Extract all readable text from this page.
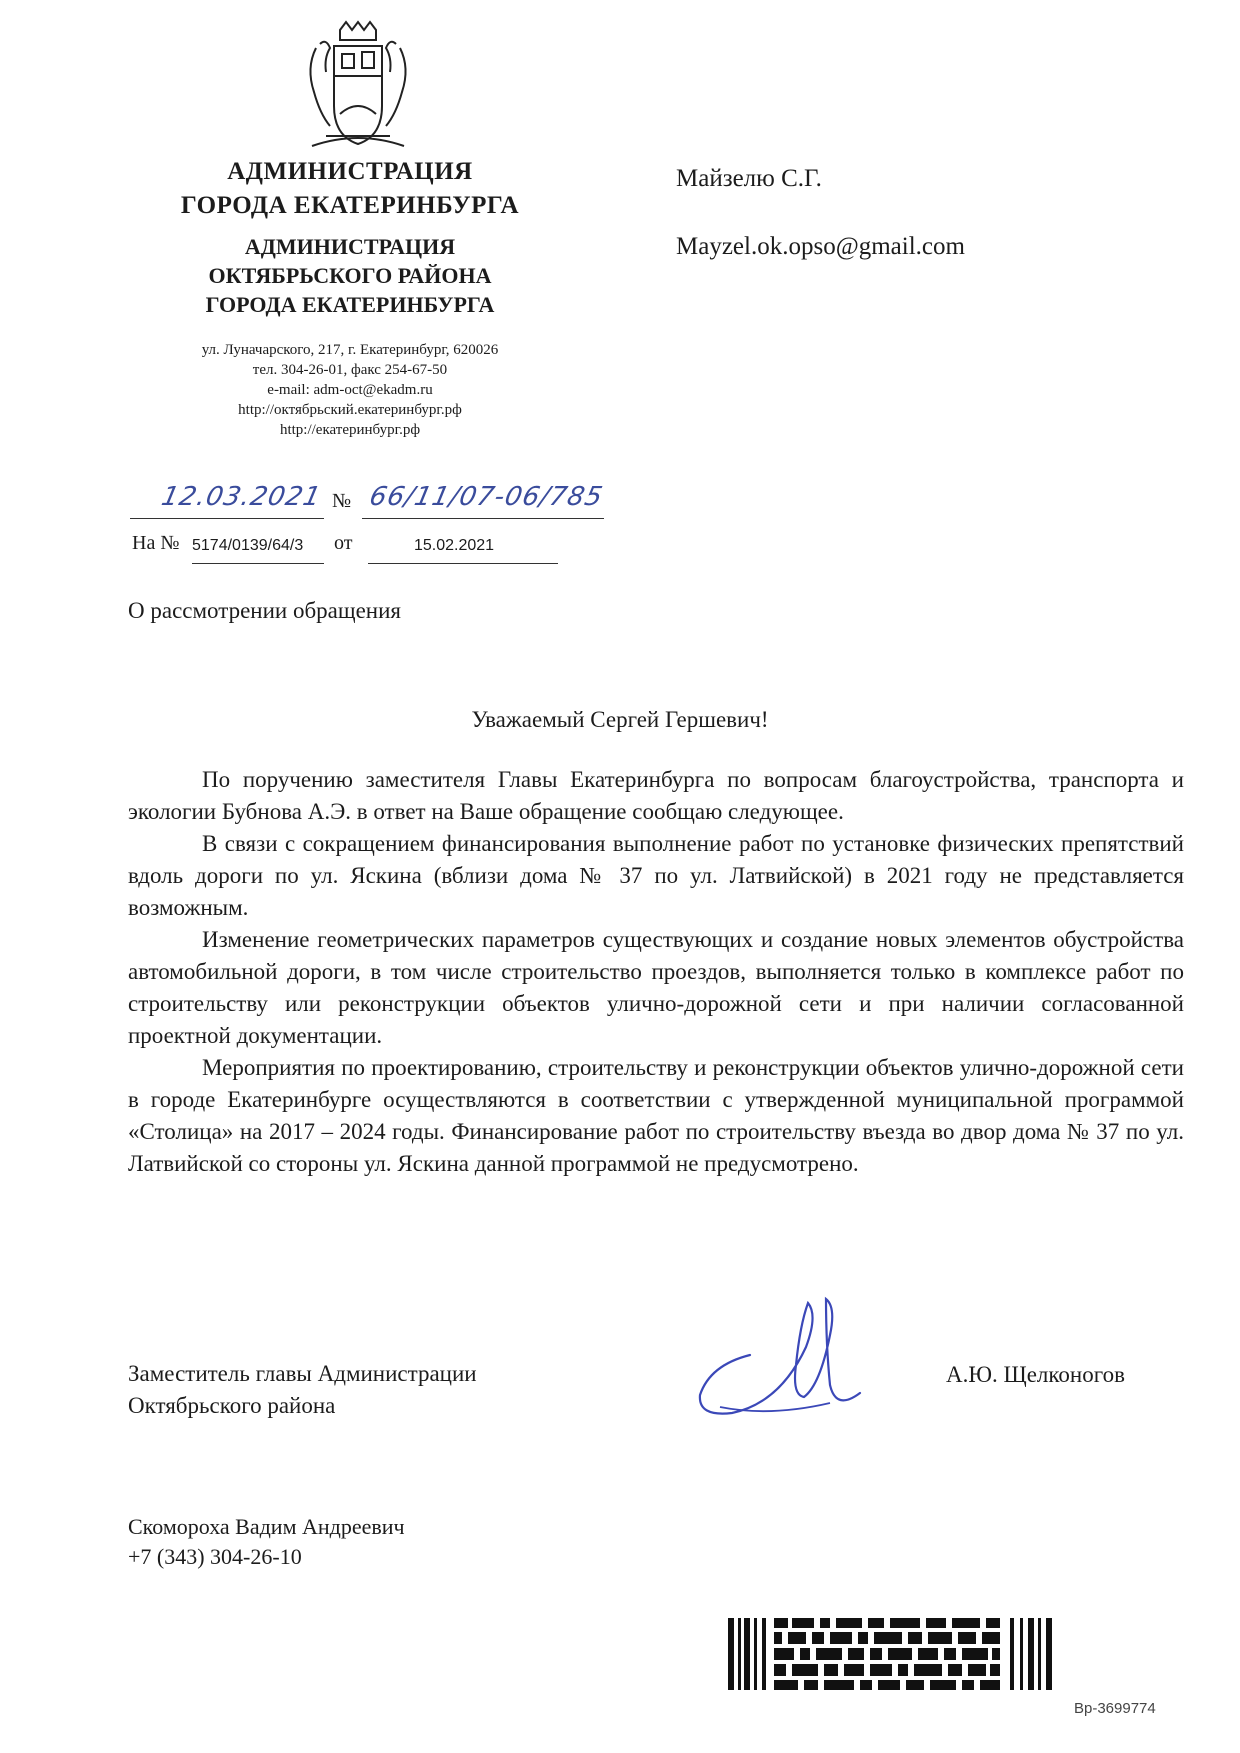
АДМИНИСТРАЦИЯ
ГОРОДА ЕКАТЕРИНБУРГА
АДМИНИСТРАЦИЯ
ОКТЯБРЬСКОГО РАЙОНА
ГОРОДА ЕКАТЕРИНБУРГА
ул. Луначарского, 217, г. Екатеринбург, 620026
тел. 304-26-01, факс 254-67-50
e-mail: adm-oct@ekadm.ru
http://октябрьский.екатеринбург.рф
http://екатеринбург.рф
12.03.2021 № 66/11/07-06/785
На № 5174/0139/64/3 от	15.02.2021
Майзелю С.Г.
Mayzel.ok.opso@gmail.com
О рассмотрении обращения
Уважаемый Сергей Гершевич!

По поручению заместителя Главы Екатеринбурга по вопросам благоустройства, транспорта и экологии Бубнова А.Э. в ответ на Ваше обращение сообщаю следующее.

В связи с сокращением финансирования выполнение работ по установке физических препятствий вдоль дороги по ул. Яскина (вблизи дома № 37 по ул. Латвийской) в 2021 году не представляется возможным.

Изменение геометрических параметров существующих и создание новых элементов обустройства автомобильной дороги, в том числе строительство проездов, выполняется только в комплексе работ по строительству или реконструкции объектов улично-дорожной сети и при наличии согласованной проектной документации.

Мероприятия по проектированию, строительству и реконструкции объектов улично-дорожной сети в городе Екатеринбурге осуществляются в соответствии с утвержденной муниципальной программой «Столица» на 2017 – 2024 годы. Финансирование работ по строительству въезда во двор дома № 37 по ул. Латвийской со стороны ул. Яскина данной программой не предусмотрено.

Заместитель главы Администрации
Октябрьского района
А.Ю. Щелконогов
Скомороха Вадим Андреевич
+7 (343) 304-26-10
Вр-3699774
